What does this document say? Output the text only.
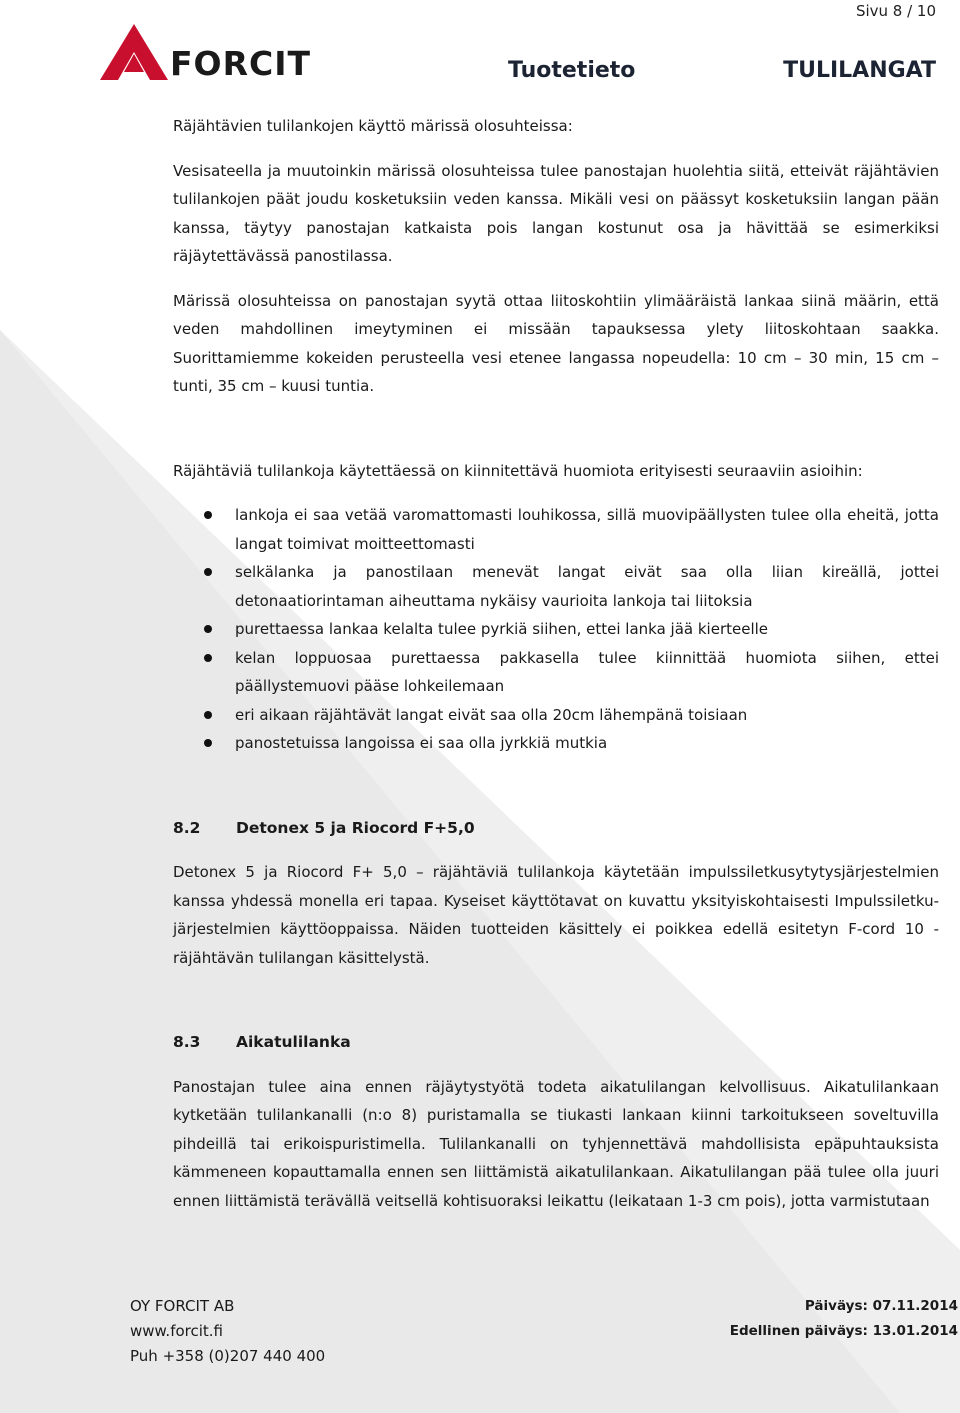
Sivu 8 / 10
FORCIT	Tuotetieto	TULILANGAT

Räjähtävien tulilankojen käyttö märissä olosuhteissa:

Vesisateella ja muutoinkin märissä olosuhteissa tulee panostajan huolehtia siitä, etteivät räjähtävien tulilankojen päät joudu kosketuksiin veden kanssa. Mikäli vesi on päässyt kosketuksiin langan pään kanssa, täytyy panostajan katkaista pois langan kostunut osa ja hävittää se esimerkiksi räjäytettävässä panostilassa.

Märissä olosuhteissa on panostajan syytä ottaa liitoskohtiin ylimääräistä lankaa siinä määrin, että veden mahdollinen imeytyminen ei missään tapauksessa ylety liitoskohtaan saakka. Suorittamiemme kokeiden perusteella vesi etenee langassa nopeudella: 10 cm – 30 min, 15 cm – tunti, 35 cm – kuusi tuntia.

Räjähtäviä tulilankoja käytettäessä on kiinnitettävä huomiota erityisesti seuraaviin asioihin:

lankoja ei saa vetää varomattomasti louhikossa, sillä muovipäällysten tulee olla eheitä, jotta langat toimivat moitteettomasti
selkälanka ja panostilaan menevät langat eivät saa olla liian kireällä, jottei detonaatiorintaman aiheuttama nykäisy vaurioita lankoja tai liitoksia
purettaessa lankaa kelalta tulee pyrkiä siihen, ettei lanka jää kierteelle
kelan loppuosaa purettaessa pakkasella tulee kiinnittää huomiota siihen, ettei päällystemuovi pääse lohkeilemaan
eri aikaan räjähtävät langat eivät saa olla 20cm lähempänä toisiaan
panostetuissa langoissa ei saa olla jyrkkiä mutkia
8.2	Detonex 5 ja Riocord F+5,0

Detonex 5 ja Riocord F+ 5,0 – räjähtäviä tulilankoja käytetään impulssiletkusytytysjärjestelmien kanssa yhdessä monella eri tapaa. Kyseiset käyttötavat on kuvattu yksityiskohtaisesti Impulssiletku-järjestelmien käyttöoppaissa. Näiden tuotteiden käsittely ei poikkea edellä esitetyn F-cord 10 - räjähtävän tulilangan käsittelystä.

8.3	Aikatulilanka

Panostajan tulee aina ennen räjäytystyötä todeta aikatulilangan kelvollisuus. Aikatulilankaan kytketään tulilankanalli (n:o 8) puristamalla se tiukasti lankaan kiinni tarkoitukseen soveltuvilla pihdeillä tai erikoispuristimella. Tulilankanalli on tyhjennettävä mahdollisista epäpuhtauksista kämmeneen kopauttamalla ennen sen liittämistä aikatulilankaan. Aikatulilangan pää tulee olla juuri ennen liittämistä terävällä veitsellä kohtisuoraksi leikattu (leikataan 1-3 cm pois), jotta varmistutaan

OY FORCIT AB
www.forcit.fi
Puh +358 (0)207 440 400
Päiväys: 07.11.2014
Edellinen päiväys: 13.01.2014
